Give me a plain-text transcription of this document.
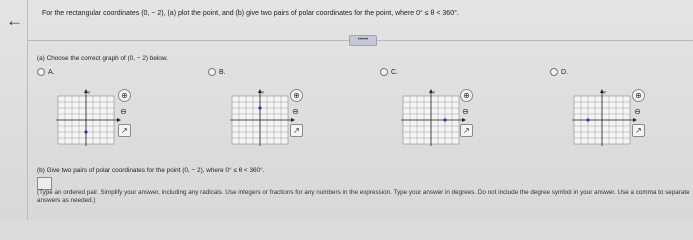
←	For the rectangular coordinates (0, − 2), (a) plot the point, and (b) give two pairs of polar coordinates for the point, where 0° ≤ θ < 360°.
•••••
(a) Choose the correct graph of (0, − 2) below.
A.	B.	C.	D.
y	y	y	y
⊕
⊖
↗
⊕
⊖
↗
⊕
⊖
↗
⊕
⊖
↗
(b) Give two pairs of polar coordinates for the point (0, − 2), where 0° ≤ θ < 360°.
(Type an ordered pair. Simplify your answer, including any radicals. Use integers or fractions for any numbers in the expression. Type your answer in degrees. Do not include the degree symbol in your answer. Use a comma to separate answers as needed.)
